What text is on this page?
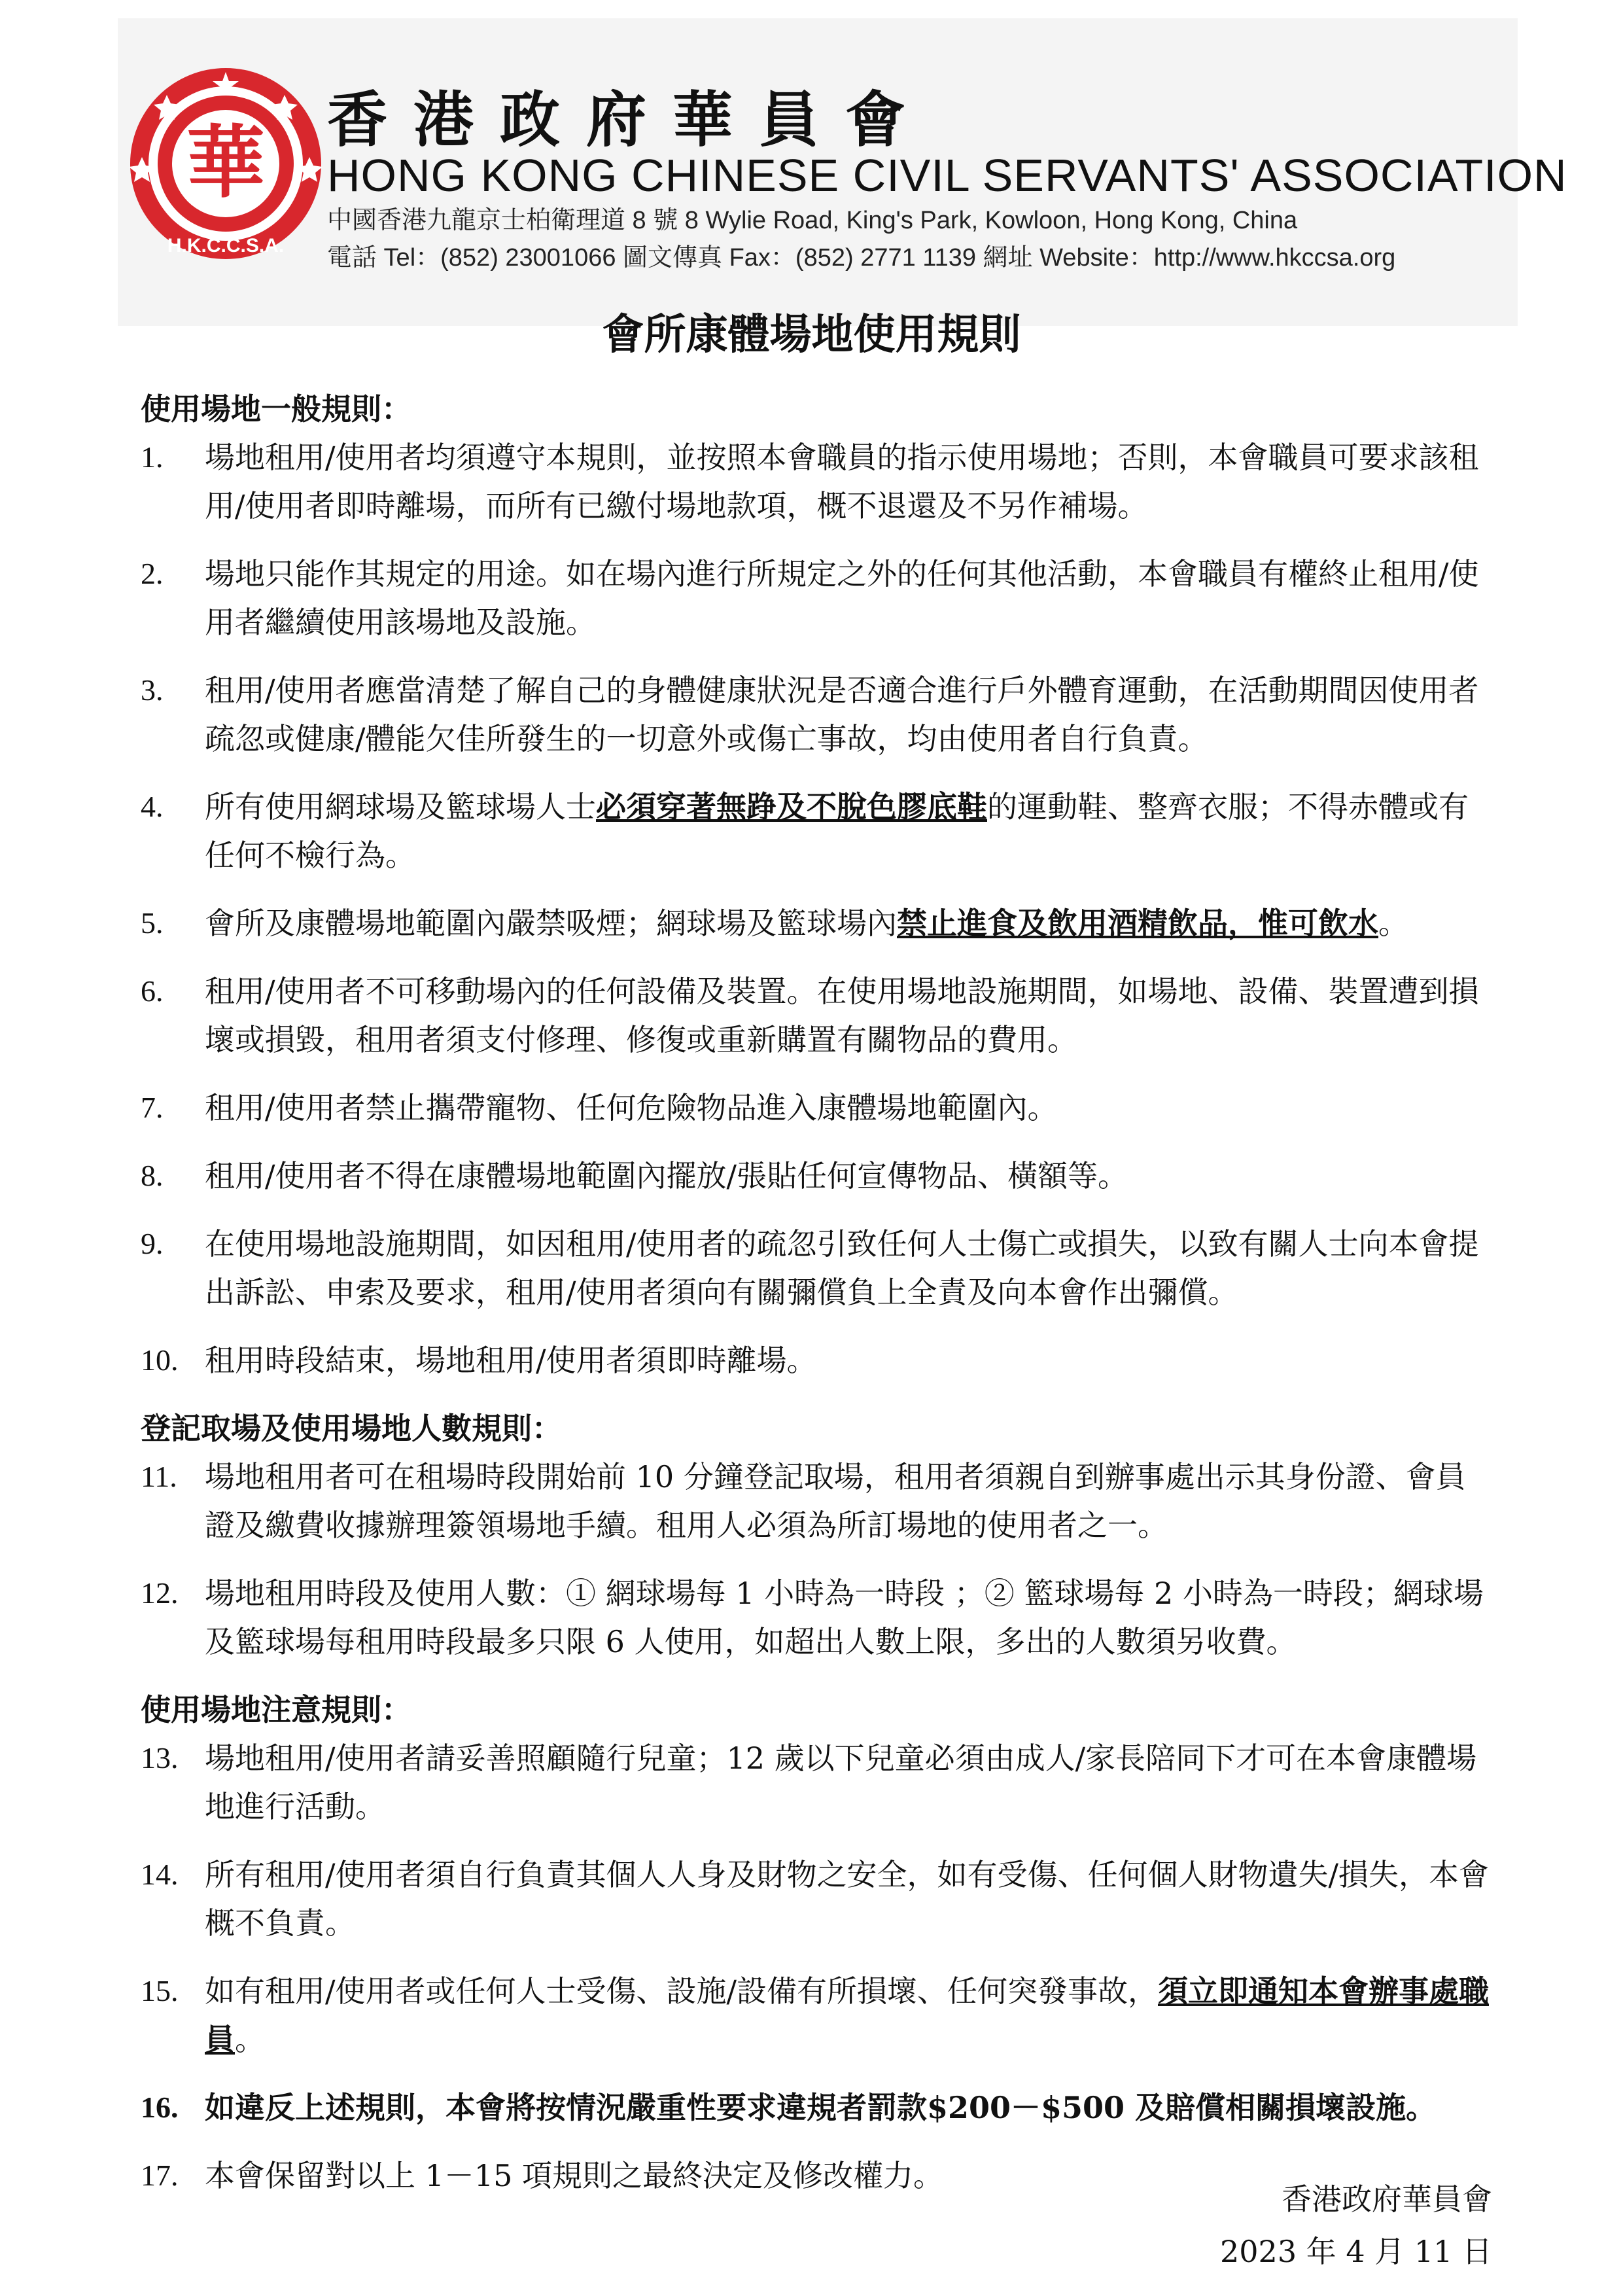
華
H.K.C.C.S.A.
香港政府華員會
HONG KONG CHINESE CIVIL SERVANTS' ASSOCIATION
中國香港九龍京士柏衛理道 8 號 8 Wylie Road, King's Park, Kowloon, Hong Kong, China
電話 Tel：(852) 23001066 圖文傳真 Fax：(852) 2771 1139 網址 Website：http://www.hkccsa.org
會所康體場地使用規則
使用場地一般規則：
1. 場地租用/使用者均須遵守本規則，並按照本會職員的指示使用場地；否則，本會職員可要求該租用/使用者即時離場，而所有已繳付場地款項，概不退還及不另作補場。
2. 場地只能作其規定的用途。如在場內進行所規定之外的任何其他活動，本會職員有權終止租用/使用者繼續使用該場地及設施。
3. 租用/使用者應當清楚了解自己的身體健康狀況是否適合進行戶外體育運動，在活動期間因使用者疏忽或健康/體能欠佳所發生的一切意外或傷亡事故，均由使用者自行負責。
4. 所有使用網球場及籃球場人士必須穿著無踭及不脫色膠底鞋的運動鞋、整齊衣服；不得赤體或有任何不檢行為。
5. 會所及康體場地範圍內嚴禁吸煙；網球場及籃球場內禁止進食及飲用酒精飲品，惟可飲水。
6. 租用/使用者不可移動場內的任何設備及裝置。在使用場地設施期間，如場地、設備、裝置遭到損壞或損毀，租用者須支付修理、修復或重新購置有關物品的費用。
7. 租用/使用者禁止攜帶寵物、任何危險物品進入康體場地範圍內。
8. 租用/使用者不得在康體場地範圍內擺放/張貼任何宣傳物品、橫額等。
9. 在使用場地設施期間，如因租用/使用者的疏忽引致任何人士傷亡或損失，以致有關人士向本會提出訴訟、申索及要求，租用/使用者須向有關彌償負上全責及向本會作出彌償。
10. 租用時段結束，場地租用/使用者須即時離場。
登記取場及使用場地人數規則：
11. 場地租用者可在租場時段開始前 10 分鐘登記取場，租用者須親自到辦事處出示其身份證、會員證及繳費收據辦理簽領場地手續。租用人必須為所訂場地的使用者之一。
12. 場地租用時段及使用人數：① 網球場每 1 小時為一時段 ；② 籃球場每 2 小時為一時段；網球場及籃球場每租用時段最多只限 6 人使用，如超出人數上限，多出的人數須另收費。
使用場地注意規則：
13. 場地租用/使用者請妥善照顧隨行兒童；12 歲以下兒童必須由成人/家長陪同下才可在本會康體場地進行活動。
14. 所有租用/使用者須自行負責其個人人身及財物之安全，如有受傷、任何個人財物遺失/損失，本會概不負責。
15. 如有租用/使用者或任何人士受傷、設施/設備有所損壞、任何突發事故，須立即通知本會辦事處職員。
16. 如違反上述規則，本會將按情況嚴重性要求違規者罰款$200－$500 及賠償相關損壞設施。
17. 本會保留對以上 1－15 項規則之最終決定及修改權力。
香港政府華員會
2023 年 4 月 11 日
